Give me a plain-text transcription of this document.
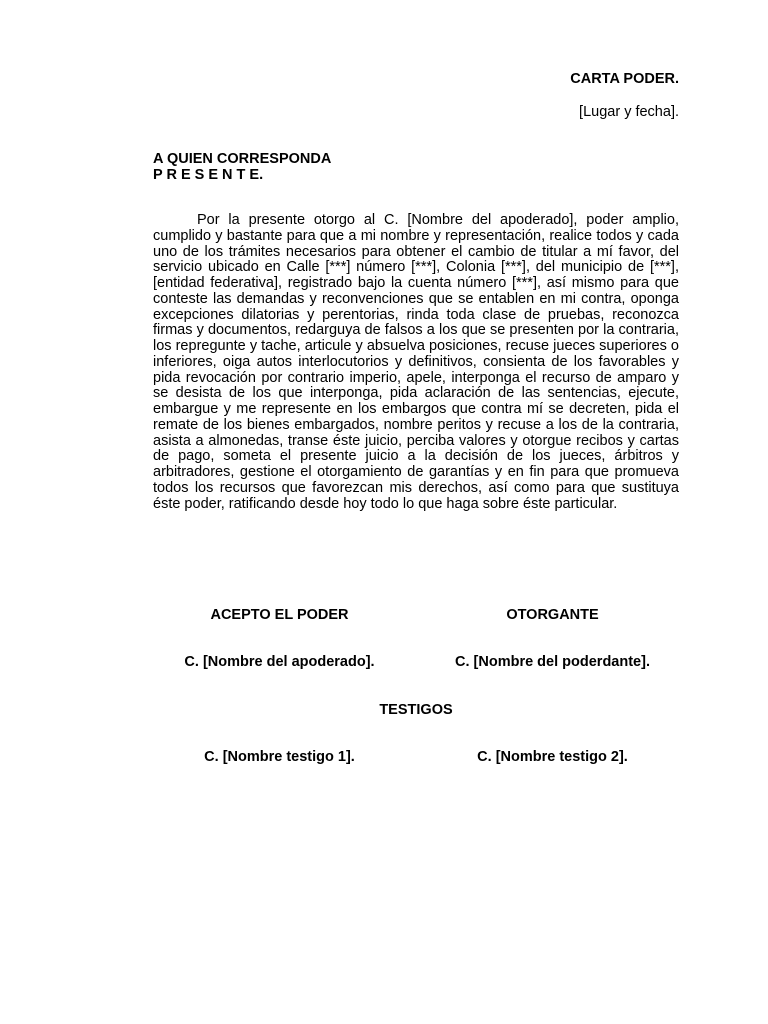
CARTA PODER.
[Lugar y fecha].
A QUIEN CORRESPONDA
P R E S E N T E.

Por la presente otorgo al C. [Nombre del apoderado], poder amplio, cumplido y bastante para que a mi nombre y representación, realice todos y cada uno de los trámites necesarios para obtener el cambio de titular a mí favor, del servicio ubicado en Calle [***] número [***], Colonia [***], del municipio de [***], [entidad federativa], registrado bajo la cuenta número [***], así mismo para que conteste las demandas y reconvenciones que se entablen en mi contra, oponga excepciones dilatorias y perentorias, rinda toda clase de pruebas, reconozca firmas y documentos, redarguya de falsos a los que se presenten por la contraria, los repregunte y tache, articule y absuelva posiciones, recuse jueces superiores o inferiores, oiga autos interlocutorios y definitivos, consienta de los favorables y pida revocación por contrario imperio, apele, interponga el recurso de amparo y se desista de los que interponga, pida aclaración de las sentencias, ejecute, embargue y me represente en los embargos que contra mí se decreten, pida el remate de los bienes embargados, nombre peritos y recuse a los de la contraria, asista a almonedas, transe éste juicio, perciba valores y otorgue recibos y cartas de pago, someta el presente juicio a la decisión de los jueces, árbitros y arbitradores, gestione el otorgamiento de garantías y en fin para que promueva todos los recursos que favorezcan mis derechos, así como para que sustituya éste poder, ratificando desde hoy todo lo que haga sobre éste particular.

ACEPTO EL PODER	OTORGANTE
C. [Nombre del apoderado].	C. [Nombre del poderdante].
TESTIGOS
C. [Nombre testigo 1].	C. [Nombre testigo 2].
